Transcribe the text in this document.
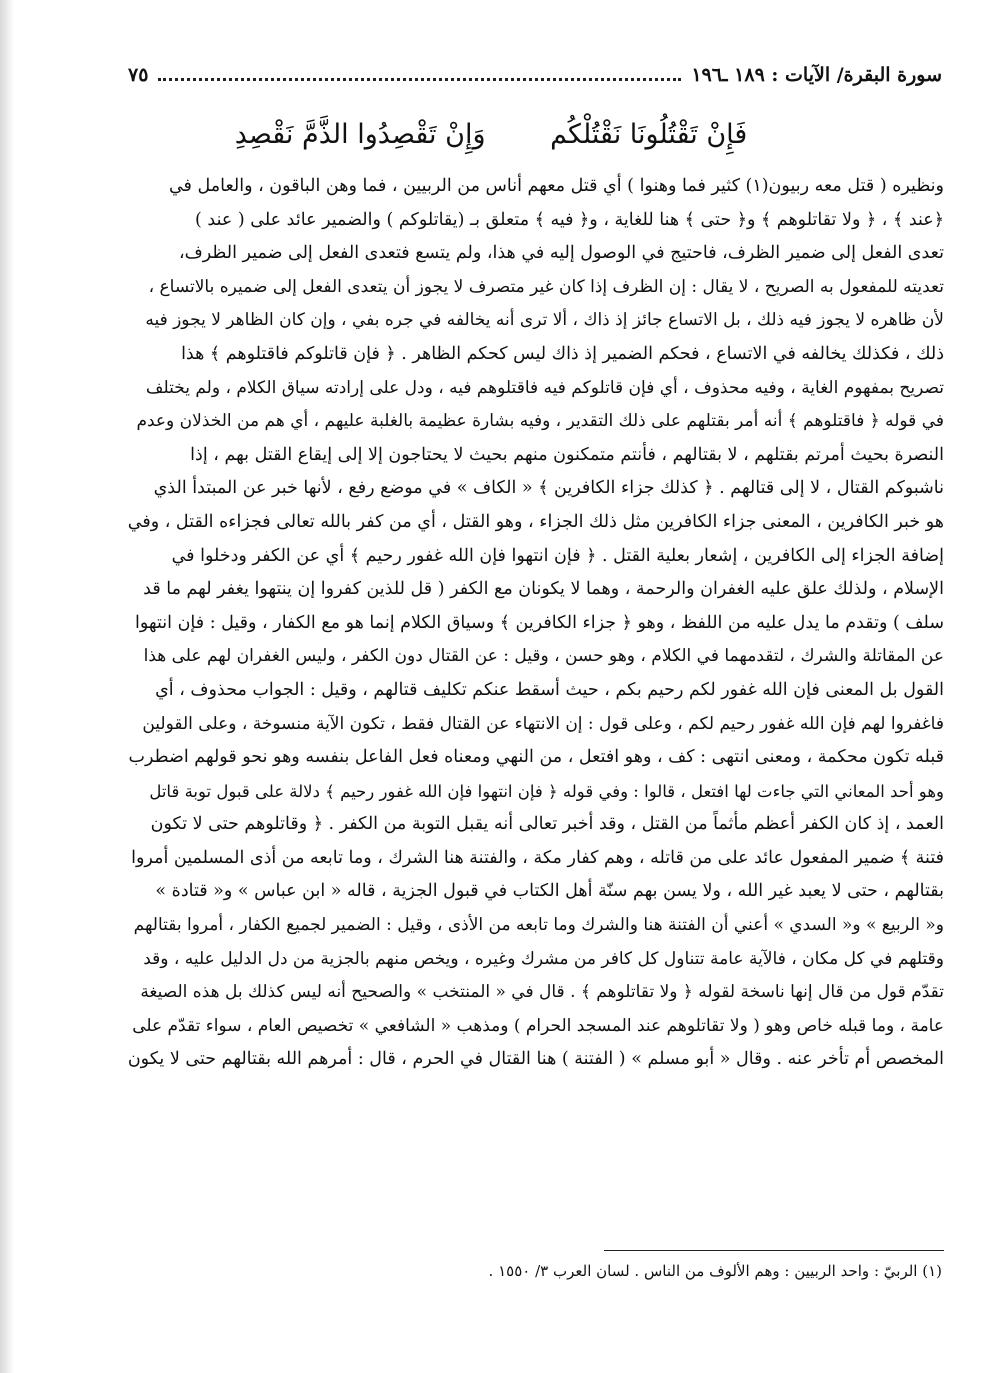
سورة البقرة/ الآيات : ١٨٩ ـ١٩٦
٧٥
فَإِنْ تَقْتُلُونَا نَقْتُلْكُم وَإِنْ تَقْصِدُوا الذَّمَّ نَقْصِدِ
ونظيره ( قتل معه ربيون(١) كثير فما وهنوا ) أي قتل معهم أناس من الربيين ، فما وهن الباقون ، والعامل في
﴿عند ﴾ ، ﴿ ولا تقاتلوهم ﴾ و﴿ حتى ﴾ هنا للغاية ، و﴿ فيه ﴾ متعلق بـ (يقاتلوكم ) والضمير عائد على ( عند )
تعدى الفعل إلى ضمير الظرف، فاحتيج في الوصول إليه في هذا، ولم يتسع فتعدى الفعل إلى ضمير الظرف،
تعديته للمفعول به الصريح ، لا يقال : إن الظرف إذا كان غير متصرف لا يجوز أن يتعدى الفعل إلى ضميره بالاتساع ،
لأن ظاهره لا يجوز فيه ذلك ، بل الاتساع جائز إذ ذاك ، ألا ترى أنه يخالفه في جره بفي ، وإن كان الظاهر لا يجوز فيه
ذلك ، فكذلك يخالفه في الاتساع ، فحكم الضمير إذ ذاك ليس كحكم الظاهر . ﴿ فإن قاتلوكم فاقتلوهم ﴾ هذا
تصريح بمفهوم الغاية ، وفيه محذوف ، أي فإن قاتلوكم فيه فاقتلوهم فيه ، ودل على إرادته سياق الكلام ، ولم يختلف
في قوله ﴿ فاقتلوهم ﴾ أنه أمر بقتلهم على ذلك التقدير ، وفيه بشارة عظيمة بالغلبة عليهم ، أي هم من الخذلان وعدم
النصرة بحيث أمرتم بقتلهم ، لا بقتالهم ، فأنتم متمكنون منهم بحيث لا يحتاجون إلا إلى إيقاع القتل بهم ، إذا
ناشبوكم القتال ، لا إلى قتالهم . ﴿ كذلك جزاء الكافرين ﴾ « الكاف » في موضع رفع ، لأنها خبر عن المبتدأ الذي
هو خبر الكافرين ، المعنى جزاء الكافرين مثل ذلك الجزاء ، وهو القتل ، أي من كفر بالله تعالى فجزاءه القتل ، وفي
إضافة الجزاء إلى الكافرين ، إشعار بعلية القتل . ﴿ فإن انتهوا فإن الله غفور رحيم ﴾ أي عن الكفر ودخلوا في
الإسلام ، ولذلك علق عليه الغفران والرحمة ، وهما لا يكونان مع الكفر ( قل للذين كفروا إن ينتهوا يغفر لهم ما قد
سلف ) وتقدم ما يدل عليه من اللفظ ، وهو ﴿ جزاء الكافرين ﴾ وسياق الكلام إنما هو مع الكفار ، وقيل : فإن انتهوا
عن المقاتلة والشرك ، لتقدمهما في الكلام ، وهو حسن ، وقيل : عن القتال دون الكفر ، وليس الغفران لهم على هذا
القول بل المعنى فإن الله غفور لكم رحيم بكم ، حيث أسقط عنكم تكليف قتالهم ، وقيل : الجواب محذوف ، أي
فاغفروا لهم فإن الله غفور رحيم لكم ، وعلى قول : إن الانتهاء عن القتال فقط ، تكون الآية منسوخة ، وعلى القولين
قبله تكون محكمة ، ومعنى انتهى : كف ، وهو افتعل ، من النهي ومعناه فعل الفاعل بنفسه وهو نحو قولهم اضطرب
وهو أحد المعاني التي جاءت لها افتعل ، قالوا : وفي قوله ﴿ فإن انتهوا فإن الله غفور رحيم ﴾ دلالة على قبول توبة قاتل
العمد ، إذ كان الكفر أعظم مأثماً من القتل ، وقد أخبر تعالى أنه يقبل التوبة من الكفر . ﴿ وقاتلوهم حتى لا تكون
فتنة ﴾ ضمير المفعول عائد على من قاتله ، وهم كفار مكة ، والفتنة هنا الشرك ، وما تابعه من أذى المسلمين أمروا
بقتالهم ، حتى لا يعبد غير الله ، ولا يسن بهم سنّة أهل الكتاب في قبول الجزية ، قاله « ابن عباس » و« قتادة »
و« الربيع » و« السدي » أعني أن الفتنة هنا والشرك وما تابعه من الأذى ، وقيل : الضمير لجميع الكفار ، أمروا بقتالهم
وقتلهم في كل مكان ، فالآية عامة تتناول كل كافر من مشرك وغيره ، ويخص منهم بالجزية من دل الدليل عليه ، وقد
تقدّم قول من قال إنها ناسخة لقوله ﴿ ولا تقاتلوهم ﴾ . قال في « المنتخب » والصحيح أنه ليس كذلك بل هذه الصيغة
عامة ، وما قبله خاص وهو ( ولا تقاتلوهم عند المسجد الحرام ) ومذهب « الشافعي » تخصيص العام ، سواء تقدّم على
المخصص أم تأخر عنه . وقال « أبو مسلم » ( الفتنة ) هنا القتال في الحرم ، قال : أمرهم الله بقتالهم حتى لا يكون
(١) الربيّ : واحد الربيين : وهم الألوف من الناس . لسان العرب ٣/ ١٥٥٠ .
